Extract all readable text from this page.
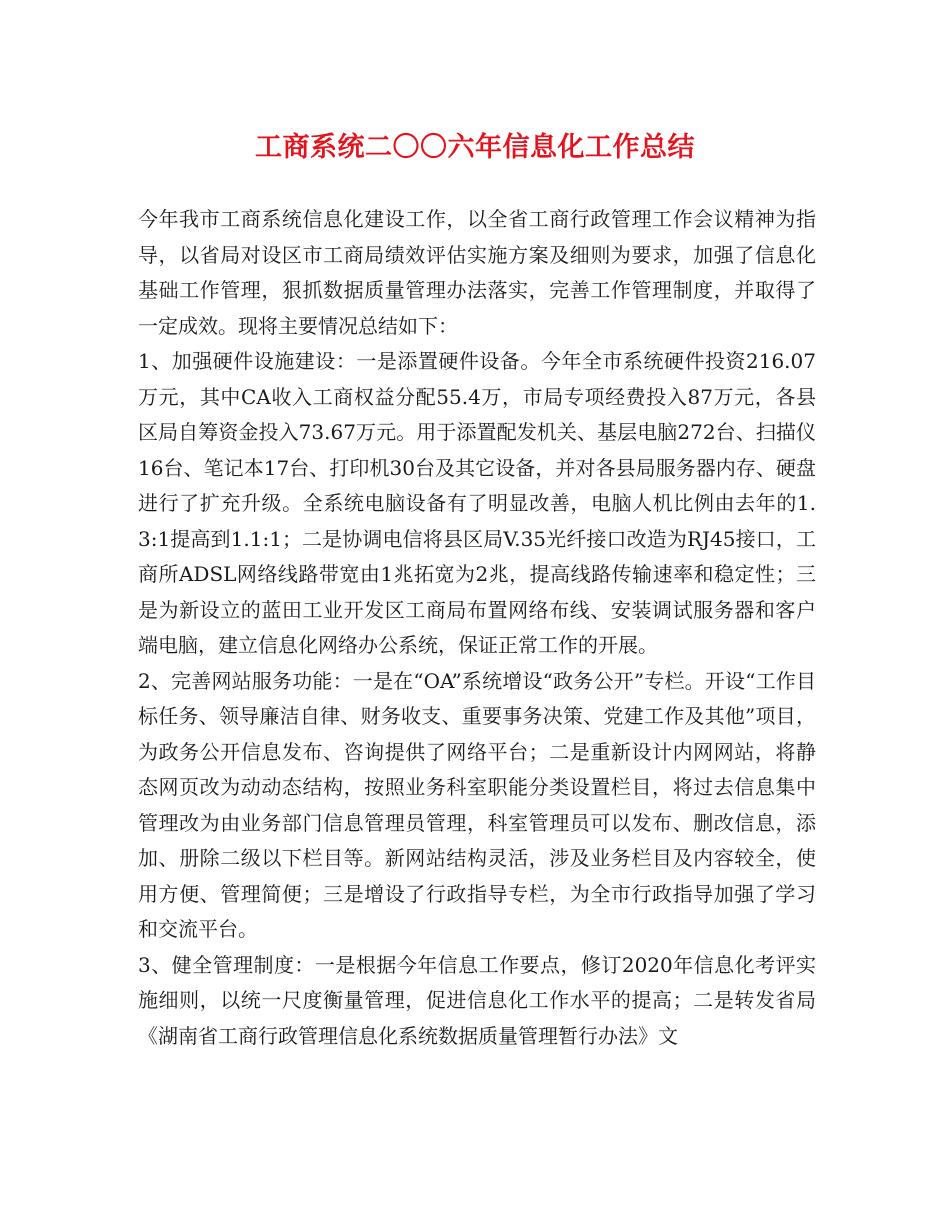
工商系统二〇〇六年信息化工作总结

今年我市工商系统信息化建设工作，以全省工商行政管理工作会议精神为指导，以省局对设区市工商局绩效评估实施方案及细则为要求，加强了信息化基础工作管理，狠抓数据质量管理办法落实，完善工作管理制度，并取得了一定成效。现将主要情况总结如下：

1、加强硬件设施建设：一是添置硬件设备。今年全市系统硬件投资216.07万元，其中CA收入工商权益分配55.4万，市局专项经费投入87万元，各县区局自筹资金投入73.67万元。用于添置配发机关、基层电脑272台、扫描仪16台、笔记本17台、打印机30台及其它设备，并对各县局服务器内存、硬盘进行了扩充升级。全系统电脑设备有了明显改善，电脑人机比例由去年的1.3:1提高到1.1:1；二是协调电信将县区局V.35光纤接口改造为RJ45接口，工商所ADSL网络线路带宽由1兆拓宽为2兆，提高线路传输速率和稳定性；三是为新设立的蓝田工业开发区工商局布置网络布线、安装调试服务器和客户端电脑，建立信息化网络办公系统，保证正常工作的开展。

2、完善网站服务功能：一是在“OA”系统增设“政务公开”专栏。开设“工作目标任务、领导廉洁自律、财务收支、重要事务决策、党建工作及其他”项目，为政务公开信息发布、咨询提供了网络平台；二是重新设计内网网站，将静态网页改为动动态结构，按照业务科室职能分类设置栏目，将过去信息集中管理改为由业务部门信息管理员管理，科室管理员可以发布、删改信息，添加、册除二级以下栏目等。新网站结构灵活，涉及业务栏目及内容较全，使用方便、管理简便；三是增设了行政指导专栏，为全市行政指导加强了学习和交流平台。

3、健全管理制度：一是根据今年信息工作要点，修订2020年信息化考评实施细则，以统一尺度衡量管理，促进信息化工作水平的提高；二是转发省局《湖南省工商行政管理信息化系统数据质量管理暂行办法》文
